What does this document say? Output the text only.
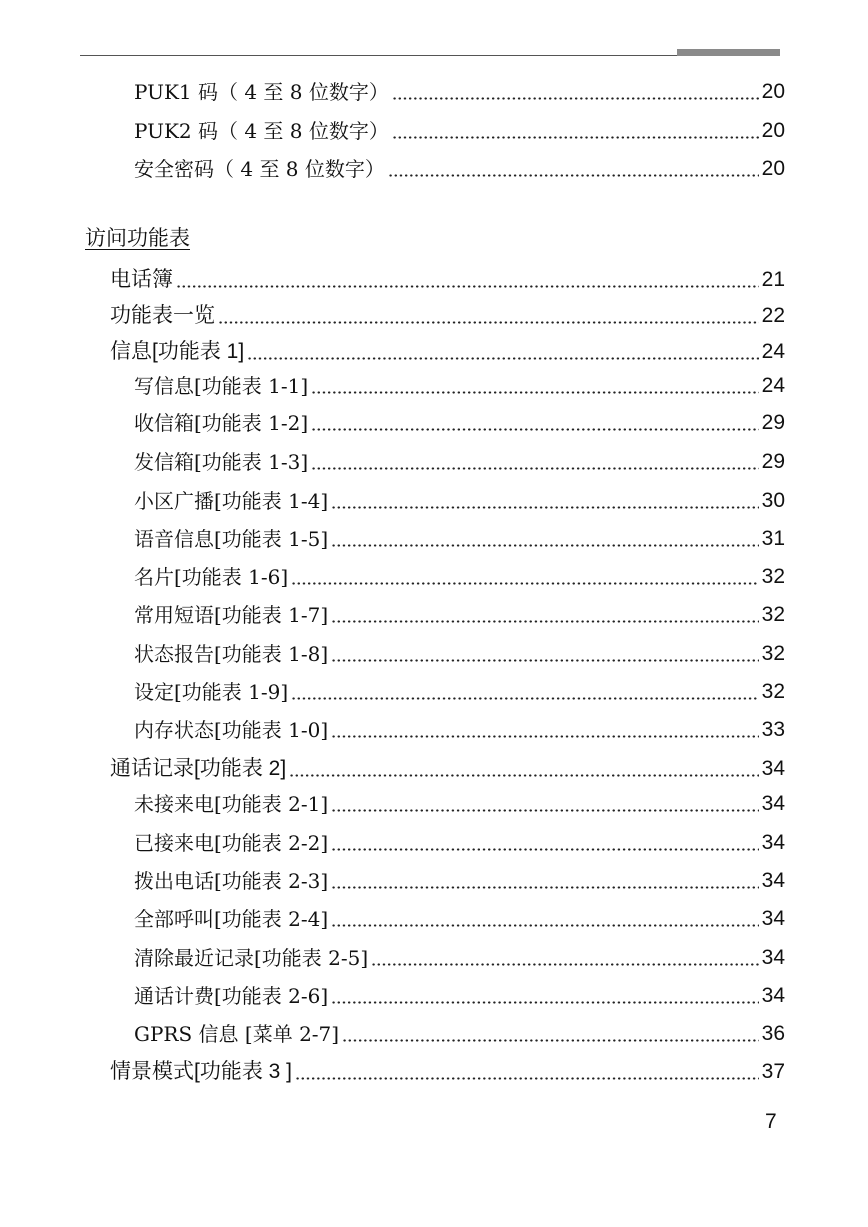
访问功能表
PUK1 码（ 4 至 8 位数字）	20
PUK2 码（ 4 至 8 位数字）	20
安全密码（ 4 至 8 位数字）	20
电话簿	21
功能表一览	22
信息[功能表 1]	24
写信息[功能表 1-1]	24
收信箱[功能表 1-2]	29
发信箱[功能表 1-3]	29
小区广播[功能表 1-4]	30
语音信息[功能表 1-5]	31
名片[功能表 1-6]	32
常用短语[功能表 1-7]	32
状态报告[功能表 1-8]	32
设定[功能表 1-9]	32
内存状态[功能表 1-0]	33
通话记录[功能表 2]	34
未接来电[功能表 2-1]	34
已接来电[功能表 2-2]	34
拨出电话[功能表 2-3]	34
全部呼叫[功能表 2-4]	34
清除最近记录[功能表 2-5]	34
通话计费[功能表 2-6]	34
GPRS 信息 [菜单 2-7]	36
情景模式[功能表 3 ]	37
7
